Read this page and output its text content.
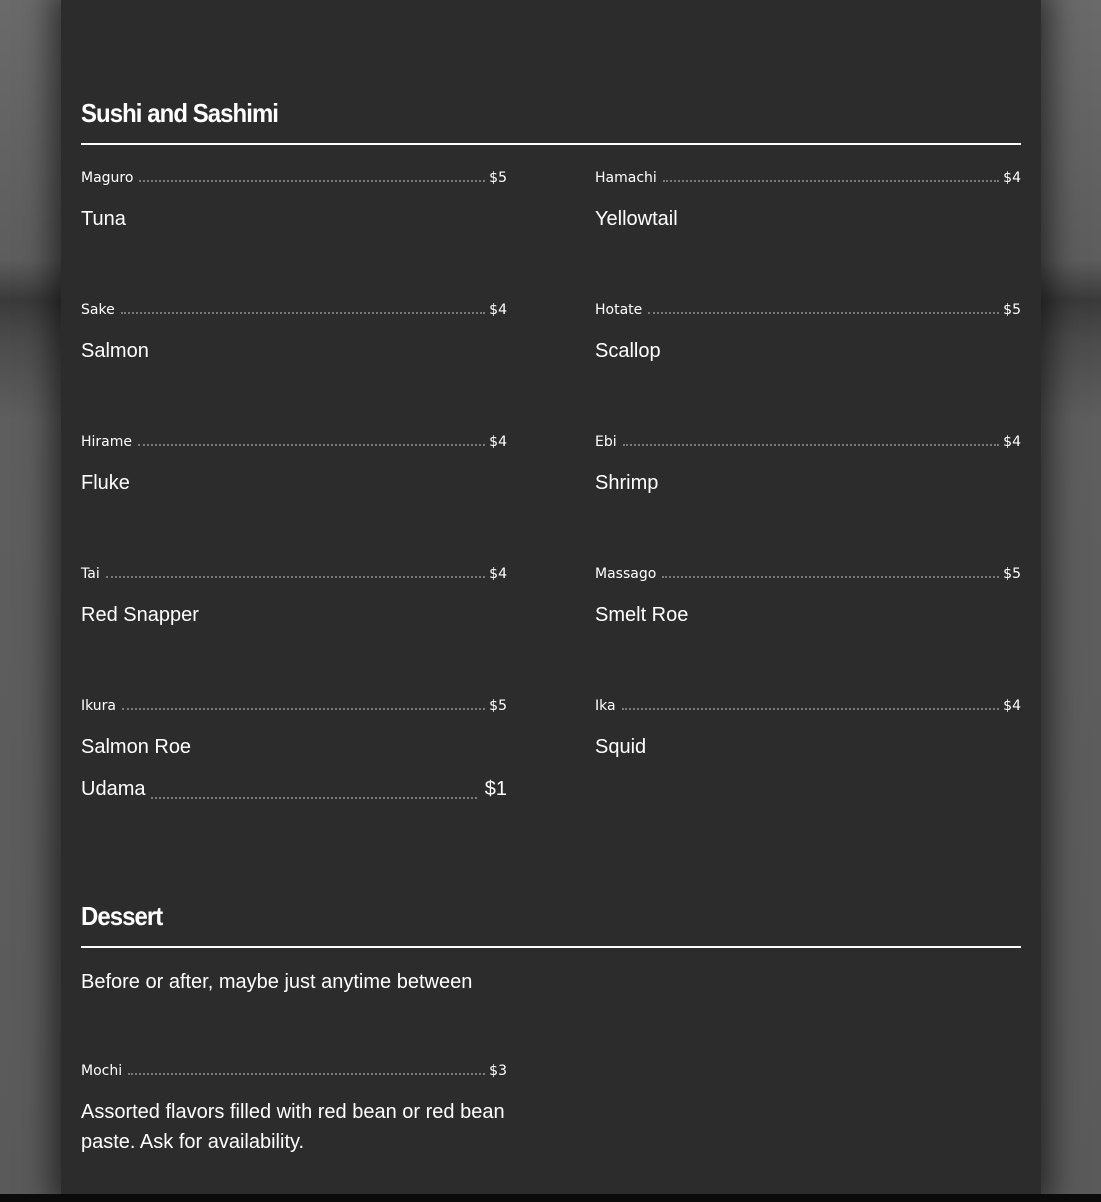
Sushi and Sashimi
Maguro	$5
Tuna
Hamachi	$4
Yellowtail
Sake	$4
Salmon
Hotate	$5
Scallop
Hirame	$4
Fluke
Ebi	$4
Shrimp
Tai	$4
Red Snapper
Massago	$5
Smelt Roe
Ikura	$5
Salmon Roe
Ika	$4
Squid
Udama	$1
Dessert
Before or after, maybe just anytime between
Mochi	$3
Assorted flavors filled with red bean or red bean paste. Ask for availability.
